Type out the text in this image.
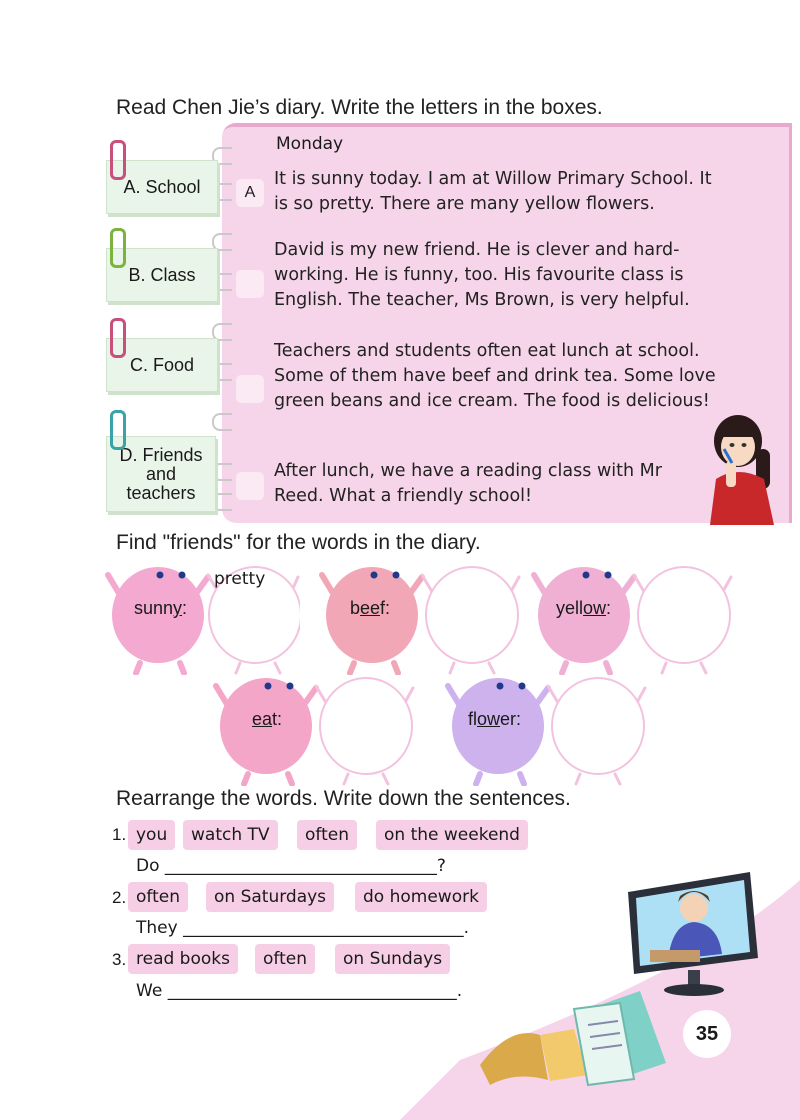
Read Chen Jie’s diary. Write the letters in the boxes.
Monday
A. School
B. Class
C. Food
D. Friends and teachers
A
It is sunny today. I am at Willow Primary School. It is so pretty. There are many yellow flowers.
David is my new friend. He is clever and hard-working. He is funny, too. His favourite class is English. The teacher, Ms Brown, is very helpful.
Teachers and students often eat lunch at school. Some of them have beef and drink tea. Some love green beans and ice cream. The food is delicious!
After lunch, we have a reading class with Mr Reed. What a friendly school!
Find "friends" for the words in the diary.
sunny:
pretty
beef:	yellow:
eat:	flower:
Rearrange the words. Write down the sentences.
1. you	watch TV	often	on the weekend
Do ________________________________?
2. often	on Saturdays	do homework
They _________________________________.
3. read books	often	on Sundays
We __________________________________.
35
